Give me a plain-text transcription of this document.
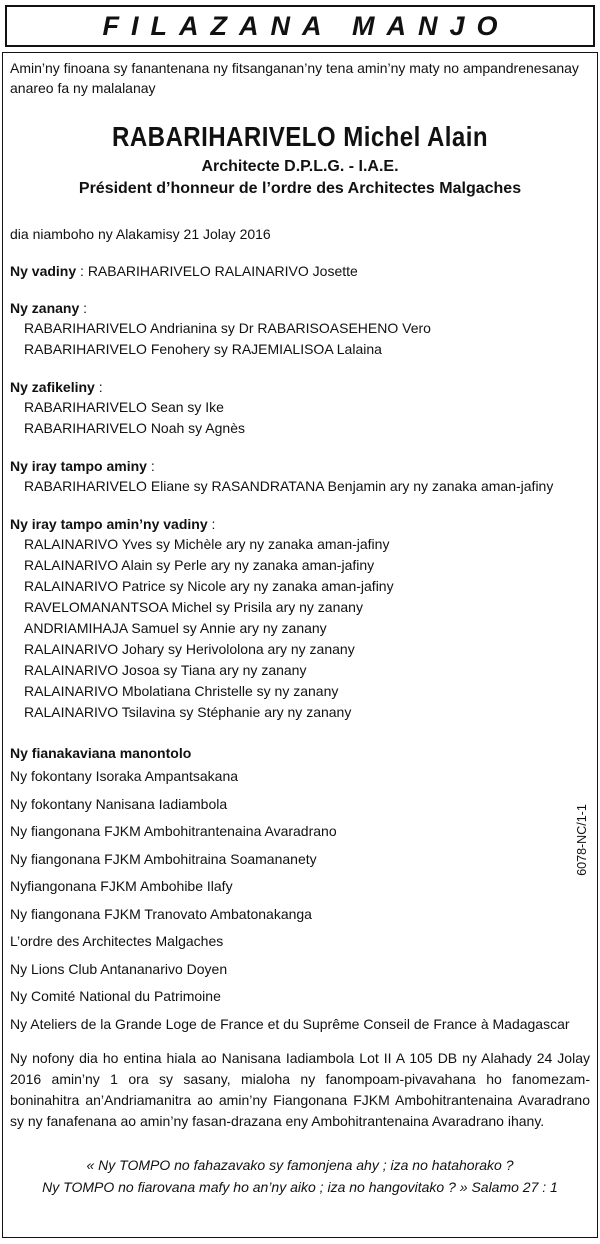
FILAZANA MANJO

Amin’ny finoana sy fanantenana ny fitsanganan’ny tena amin’ny maty no ampandrenesanay anareo fa ny malalanay

RABARIHARIVELO Michel Alain
Architecte D.P.L.G. - I.A.E.
Président d’honneur de l’ordre des Architectes Malgaches

dia niamboho ny Alakamisy 21 Jolay 2016

Ny vadiny : RABARIHARIVELO RALAINARIVO Josette
Ny zanany :
RABARIHARIVELO Andrianina sy Dr RABARISOASEHENO Vero
RABARIHARIVELO Fenohery sy RAJEMIALISOA Lalaina
Ny zafikeliny :
RABARIHARIVELO Sean sy Ike
RABARIHARIVELO Noah sy Agnès
Ny iray tampo aminy :
RABARIHARIVELO Eliane sy RASANDRATANA Benjamin ary ny zanaka aman-jafiny
Ny iray tampo amin’ny vadiny :
RALAINARIVO Yves sy Michèle ary ny zanaka aman-jafiny
RALAINARIVO Alain sy Perle ary ny zanaka aman-jafiny
RALAINARIVO Patrice sy Nicole ary ny zanaka aman-jafiny
RAVELOMANANTSOA Michel sy Prisila ary ny zanany
ANDRIAMIHAJA Samuel sy Annie ary ny zanany
RALAINARIVO Johary sy Herivololona ary ny zanany
RALAINARIVO Josoa sy Tiana ary ny zanany
RALAINARIVO Mbolatiana Christelle sy ny zanany
RALAINARIVO Tsilavina sy Stéphanie ary ny zanany
Ny fianakaviana manontolo
Ny fokontany Isoraka Ampantsakana
Ny fokontany Nanisana Iadiambola
Ny fiangonana FJKM Ambohitrantenaina Avaradrano
Ny fiangonana FJKM Ambohitraina Soamananety
Nyfiangonana FJKM Ambohibe Ilafy
Ny fiangonana FJKM Tranovato Ambatonakanga
L’ordre des Architectes Malgaches
Ny Lions Club Antananarivo Doyen
Ny Comité National du Patrimoine
Ny Ateliers de la Grande Loge de France et du Suprême Conseil de France à Madagascar

Ny nofony dia ho entina hiala ao Nanisana Iadiambola Lot II A 105 DB ny Alahady 24 Jolay 2016 amin’ny 1 ora sy sasany, mialoha ny fanompoam-pivavahana ho fanomezam-boninahitra an’Andriamanitra ao amin’ny Fiangonana FJKM Ambohitrantenaina Avaradrano sy ny fanafenana ao amin’ny fasan-drazana eny Ambohitrantenaina Avaradrano ihany.

« Ny TOMPO no fahazavako sy famonjena ahy ; iza no hatahorako ?
Ny TOMPO no fiarovana mafy ho an’ny aiko ; iza no hangovitako ? » Salamo 27 : 1
6078-NC/1-1
